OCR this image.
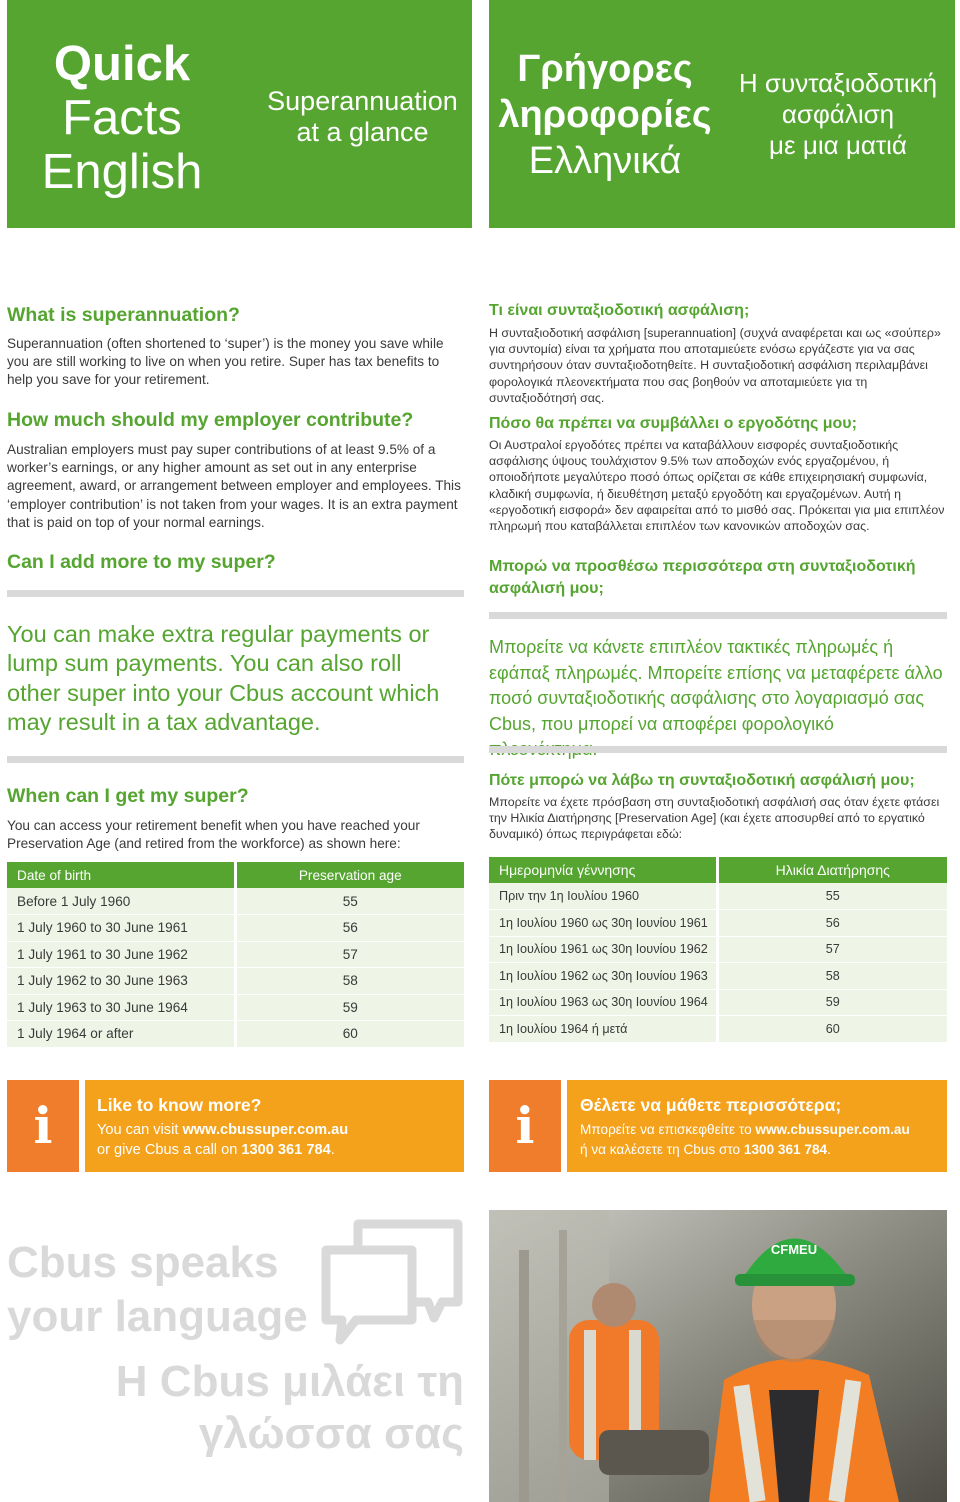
Quick
Facts
English
Superannuation
at a glance
Γρήγορες
ληροφορίες
Ελληνικά
Η συνταξιοδοτική
ασφάλιση
με μια ματιά
What is superannuation?
Superannuation (often shortened to ‘super’) is the money you save while you are still working to live on when you retire. Super has tax benefits to help you save for your retirement.
How much should my employer contribute?
Australian employers must pay super contributions of at least 9.5% of a worker’s earnings, or any higher amount as set out in any enterprise agreement, award, or arrangement between employer and employees. This ‘employer contribution’ is not taken from your wages. It is an extra payment that is paid on top of your normal earnings.
Can I add more to my super?
You can make extra regular payments or lump sum payments. You can also roll other super into your Cbus account which may result in a tax advantage.
When can I get my super?
You can access your retirement benefit when you have reached your Preservation Age (and retired from the workforce) as shown here:
Date of birth	Preservation age
Before 1 July 1960	55
1 July 1960 to 30 June 1961	56
1 July 1961 to 30 June 1962	57
1 July 1962 to 30 June 1963	58
1 July 1963 to 30 June 1964	59
1 July 1964 or after	60
Τι είναι συνταξιοδοτική ασφάλιση;
Η συνταξιοδοτική ασφάλιση [superannuation] (συχνά αναφέρεται και ως «σούπερ» για συντομία) είναι τα χρήματα που αποταμιεύετε ενόσω εργάζεστε για να σας συντηρήσουν όταν συνταξιοδοτηθείτε. Η συνταξιοδοτική ασφάλιση περιλαμβάνει φορολογικά πλεονεκτήματα που σας βοηθούν να αποταμιεύετε για τη συνταξιοδότησή σας.
Πόσο θα πρέπει να συμβάλλει ο εργοδότης μου;
Οι Αυστραλοί εργοδότες πρέπει να καταβάλλουν εισφορές συνταξιοδοτικής ασφάλισης ύψους τουλάχιστον 9.5% των αποδοχών ενός εργαζομένου, ή οποιοδήποτε μεγαλύτερο ποσό όπως ορίζεται σε κάθε επιχειρησιακή συμφωνία, κλαδική συμφωνία, ή διευθέτηση μεταξύ εργοδότη και εργαζομένων. Αυτή η «εργοδοτική εισφορά» δεν αφαιρείται από το μισθό σας. Πρόκειται για μια επιπλέον πληρωμή που καταβάλλεται επιπλέον των κανονικών αποδοχών σας.
Μπορώ να προσθέσω περισσότερα στη συνταξιοδοτική ασφάλισή μου;
Μπορείτε να κάνετε επιπλέον τακτικές πληρωμές ή εφάπαξ πληρωμές. Μπορείτε επίσης να μεταφέρετε άλλο ποσό συνταξιοδοτικής ασφάλισης στο λογαριασμό σας Cbus, που μπορεί να αποφέρει φορολογικό
Πότε μπορώ να λάβω τη συνταξιοδοτική ασφάλισή μου;
Μπορείτε να έχετε πρόσβαση στη συνταξιοδοτική ασφάλισή σας όταν έχετε φτάσει την Ηλικία Διατήρησης [Preservation Age] (και έχετε αποσυρθεί από το εργατικό δυναμικό) όπως περιγράφεται εδώ:
Ημερομηνία γέννησης	Ηλικία Διατήρησης
Πριν την 1η Ιουλίου 1960	55
1η Ιουλίου 1960 ως 30η Ιουνίου 1961	56
1η Ιουλίου 1961 ως 30η Ιουνίου 1962	57
1η Ιουλίου 1962 ως 30η Ιουνίου 1963	58
1η Ιουλίου 1963 ως 30η Ιουνίου 1964	59
1η Ιουλίου 1964 ή μετά	60
i	Like to know more?
You can visit www.cbussuper.com.au
or give Cbus a call on 1300 361 784.	i	Θέλετε να μάθετε περισσότερα;
Μπορείτε να επισκεφθείτε το www.cbussuper.com.au
ή να καλέσετε τη Cbus στο 1300 361 784.
Cbus speaks
your language
Η Cbus μιλάει τη
γλώσσα σας
CFMEU
